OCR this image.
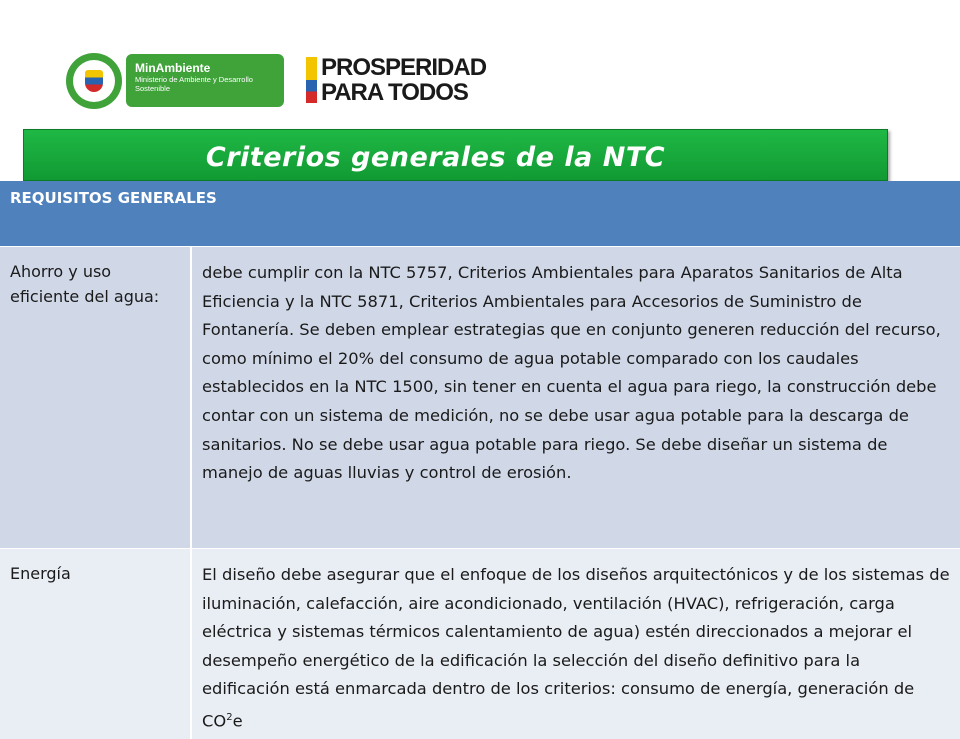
MinAmbiente
Ministerio de Ambiente y Desarrollo Sostenible
PROSPERIDAD
PARA TODOS
Criterios generales de la NTC
REQUISITOS GENERALES
Ahorro y uso eficiente del agua:
debe cumplir con la NTC 5757, Criterios Ambientales para Aparatos Sanitarios de Alta Eficiencia y la NTC 5871, Criterios Ambientales para Accesorios de Suministro de Fontanería. Se deben emplear estrategias que en conjunto generen reducción del recurso, como mínimo el 20% del consumo de agua potable comparado con los caudales establecidos en la NTC 1500, sin tener en cuenta el agua para riego, la construcción debe contar con un sistema de medición, no se debe usar agua potable para la descarga de sanitarios. No se debe usar agua potable para riego. Se debe diseñar un sistema de manejo de aguas lluvias y control de erosión.
Energía	El diseño debe asegurar que el enfoque de los diseños arquitectónicos y de los sistemas de iluminación, calefacción, aire acondicionado, ventilación (HVAC), refrigeración, carga eléctrica y sistemas térmicos calentamiento de agua) estén direccionados a mejorar el desempeño energético de la edificación la selección del diseño definitivo para la edificación está enmarcada dentro de los criterios: consumo de energía, generación de $CO^2e$
